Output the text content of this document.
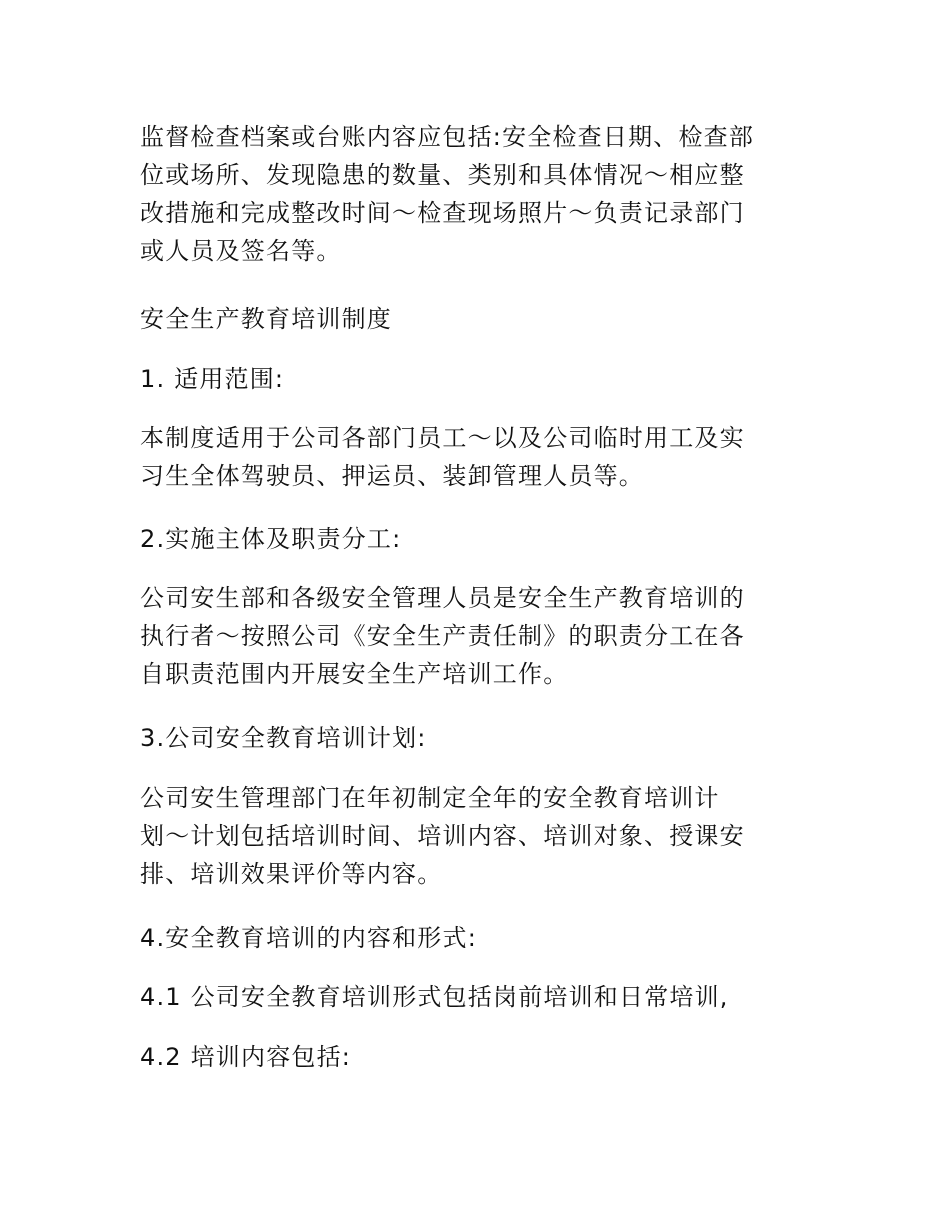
监督检查档案或台账内容应包括:安全检查日期、检查部
位或场所、发现隐患的数量、类别和具体情况～相应整
改措施和完成整改时间～检查现场照片～负责记录部门
或人员及签名等。

安全生产教育培训制度

1. 适用范围:

本制度适用于公司各部门员工～以及公司临时用工及实
习生全体驾驶员、押运员、装卸管理人员等。

2.实施主体及职责分工:

公司安生部和各级安全管理人员是安全生产教育培训的
执行者～按照公司《安全生产责任制》的职责分工在各
自职责范围内开展安全生产培训工作。

3.公司安全教育培训计划:

公司安生管理部门在年初制定全年的安全教育培训计
划～计划包括培训时间、培训内容、培训对象、授课安
排、培训效果评价等内容。

4.安全教育培训的内容和形式:

4.1 公司安全教育培训形式包括岗前培训和日常培训,

4.2 培训内容包括:
